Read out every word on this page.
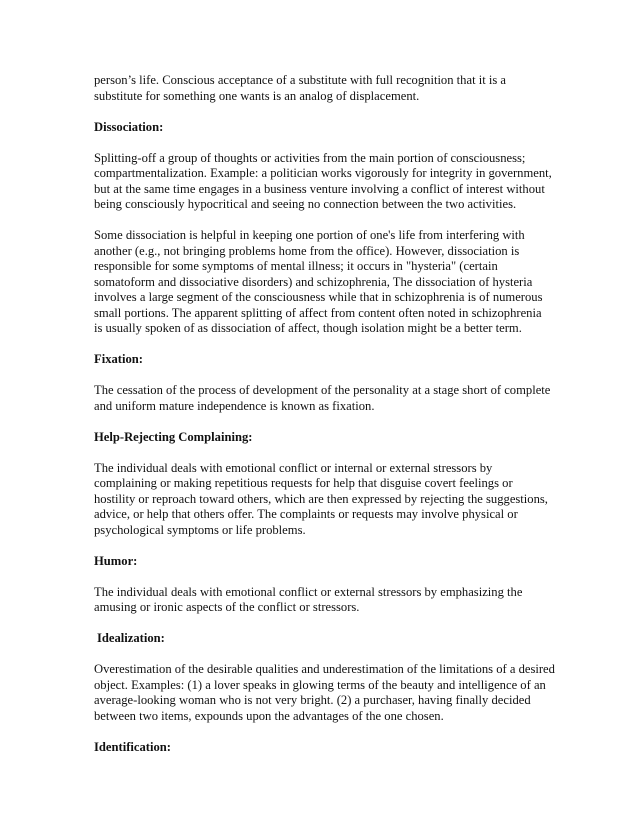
person’s life. Conscious acceptance of a substitute with full recognition that it is a
substitute for something one wants is an analog of displacement.

Dissociation:

Splitting-off a group of thoughts or activities from the main portion of consciousness;
compartmentalization. Example: a politician works vigorously for integrity in government,
but at the same time engages in a business venture involving a conflict of interest without
being consciously hypocritical and seeing no connection between the two activities.

Some dissociation is helpful in keeping one portion of one's life from interfering with
another (e.g., not bringing problems home from the office). However, dissociation is
responsible for some symptoms of mental illness; it occurs in "hysteria" (certain
somatoform and dissociative disorders) and schizophrenia, The dissociation of hysteria
involves a large segment of the consciousness while that in schizophrenia is of numerous
small portions. The apparent splitting of affect from content often noted in schizophrenia
is usually spoken of as dissociation of affect, though isolation might be a better term.

Fixation:

The cessation of the process of development of the personality at a stage short of complete
and uniform mature independence is known as fixation.

Help-Rejecting Complaining:

The individual deals with emotional conflict or internal or external stressors by
complaining or making repetitious requests for help that disguise covert feelings or
hostility or reproach toward others, which are then expressed by rejecting the suggestions,
advice, or help that others offer. The complaints or requests may involve physical or
psychological symptoms or life problems.

Humor:

The individual deals with emotional conflict or external stressors by emphasizing the
amusing or ironic aspects of the conflict or stressors.

Idealization:

Overestimation of the desirable qualities and underestimation of the limitations of a desired
object. Examples: (1) a lover speaks in glowing terms of the beauty and intelligence of an
average-looking woman who is not very bright. (2) a purchaser, having finally decided
between two items, expounds upon the advantages of the one chosen.

Identification:
